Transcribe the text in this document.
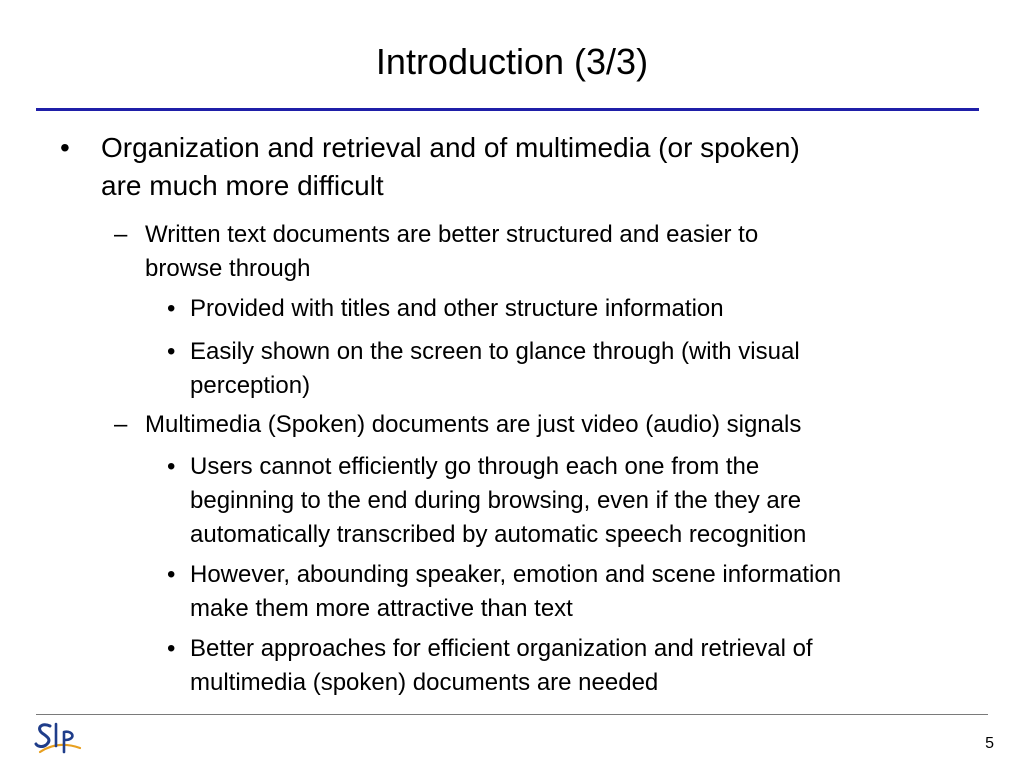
Introduction (3/3)
• Organization and retrieval and of multimedia (or spoken)
are much more difficult
– Written text documents are better structured and easier to
browse through
• Provided with titles and other structure information
• Easily shown on the screen to glance through (with visual
perception)
– Multimedia (Spoken) documents are just video (audio) signals
• Users cannot efficiently go through each one from the
beginning to the end during browsing, even if the they are
automatically transcribed by automatic speech recognition
• However, abounding speaker, emotion and scene information
make them more attractive than text
• Better approaches for efficient organization and retrieval of
multimedia (spoken) documents are needed
5
